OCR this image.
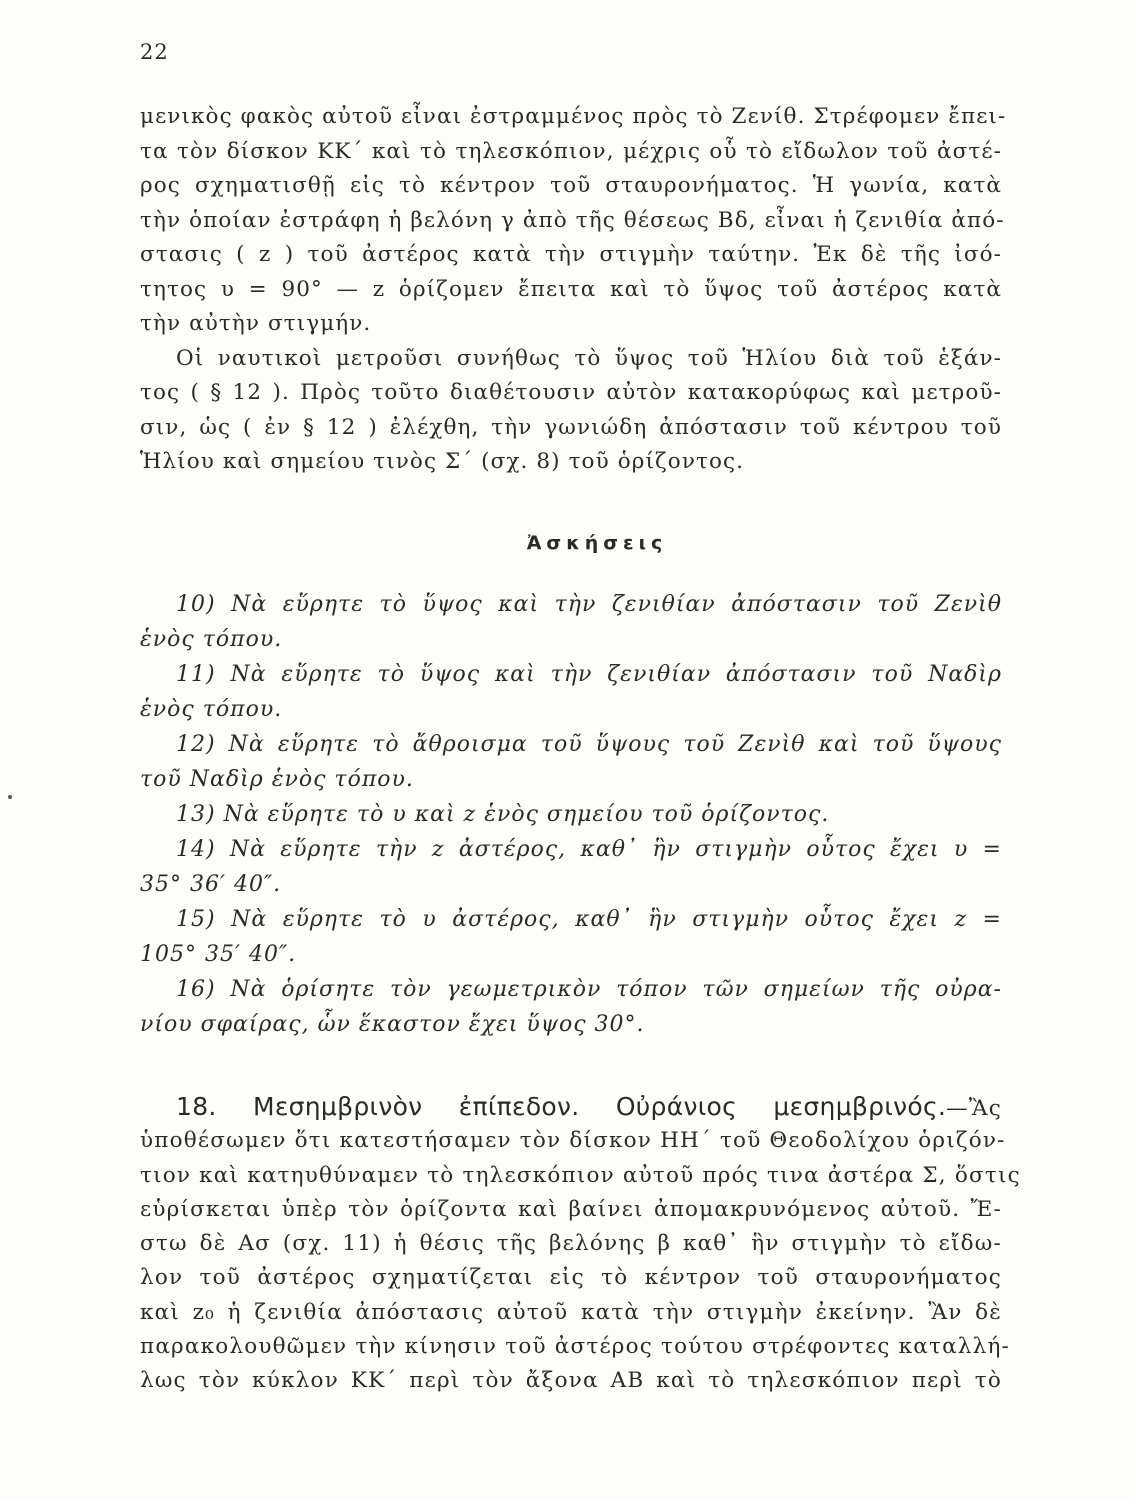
22
μενικὸς φακὸς αὐτοῦ εἶναι ἐστραμμένος πρὸς τὸ Ζενίθ. Στρέφομεν ἔπει-
τα τὸν δίσκον ΚΚ΄ καὶ τὸ τηλεσκόπιον, μέχρις οὗ τὸ εἴδωλον τοῦ ἀστέ-
ρος σχηματισθῇ εἰς τὸ κέντρον τοῦ σταυρονήματος. Ἡ γωνία, κατὰ
τὴν ὁποίαν ἐστράφη ἡ βελόνη γ ἀπὸ τῆς θέσεως Βδ, εἶναι ἡ ζενιθία ἀπό-
στασις ( z ) τοῦ ἀστέρος κατὰ τὴν στιγμὴν ταύτην. Ἐκ δὲ τῆς ἰσό-
τητος υ = 90° — z ὁρίζομεν ἔπειτα καὶ τὸ ὕψος τοῦ ἀστέρος κατὰ
τὴν αὐτὴν στιγμήν.
Οἱ ναυτικοὶ μετροῦσι συνήθως τὸ ὕψος τοῦ Ἡλίου διὰ τοῦ ἑξάν-
τος ( § 12 ). Πρὸς τοῦτο διαθέτουσιν αὐτὸν κατακορύφως καὶ μετροῦ-
σιν, ὡς ( ἐν § 12 ) ἐλέχθη, τὴν γωνιώδη ἀπόστασιν τοῦ κέντρου τοῦ
Ἡλίου καὶ σημείου τινὸς Σ΄ (σχ. 8) τοῦ ὁρίζοντος.
Ἀσκήσεις
10) Νὰ εὕρητε τὸ ὕψος καὶ τὴν ζενιθίαν ἀπόστασιν τοῦ Ζενὶθ
ἑνὸς τόπου.
11) Νὰ εὕρητε τὸ ὕψος καὶ τὴν ζενιθίαν ἀπόστασιν τοῦ Ναδὶρ
ἑνὸς τόπου.
12) Νὰ εὕρητε τὸ ἄθροισμα τοῦ ὕψους τοῦ Ζενὶθ καὶ τοῦ ὕψους
τοῦ Ναδὶρ ἑνὸς τόπου.
13) Νὰ εὕρητε τὸ υ καὶ z ἑνὸς σημείου τοῦ ὁρίζοντος.
14) Νὰ εὕρητε τὴν z ἀστέρος, καθ᾽ ἣν στιγμὴν οὗτος ἔχει υ =
35° 36′ 40″.
15) Νὰ εὕρητε τὸ υ ἀστέρος, καθ᾽ ἣν στιγμὴν οὗτος ἔχει z =
105° 35′ 40″.
16) Νὰ ὁρίσητε τὸν γεωμετρικὸν τόπον τῶν σημείων τῆς οὐρα-
νίου σφαίρας, ὧν ἕκαστον ἔχει ὕψος 30°.
18. Μεσημβρινὸν ἐπίπεδον. Οὐράνιος μεσημβρινός.—Ἂς
ὑποθέσωμεν ὅτι κατεστήσαμεν τὸν δίσκον ΗΗ΄ τοῦ Θεοδολίχου ὁριζόν-
τιον καὶ κατηυθύναμεν τὸ τηλεσκόπιον αὐτοῦ πρός τινα ἀστέρα Σ, ὅστις
εὑρίσκεται ὑπὲρ τὸν ὁρίζοντα καὶ βαίνει ἀπομακρυνόμενος αὐτοῦ. Ἔ-
στω δὲ Ασ (σχ. 11) ἡ θέσις τῆς βελόνης β καθ᾽ ἣν στιγμὴν τὸ εἴδω-
λον τοῦ ἀστέρος σχηματίζεται εἰς τὸ κέντρον τοῦ σταυρονήματος
καὶ z₀ ἡ ζενιθία ἀπόστασις αὐτοῦ κατὰ τὴν στιγμὴν ἐκείνην. Ἂν δὲ
παρακολουθῶμεν τὴν κίνησιν τοῦ ἀστέρος τούτου στρέφοντες καταλλή-
λως τὸν κύκλον ΚΚ΄ περὶ τὸν ἄξονα ΑΒ καὶ τὸ τηλεσκόπιον περὶ τὸ
